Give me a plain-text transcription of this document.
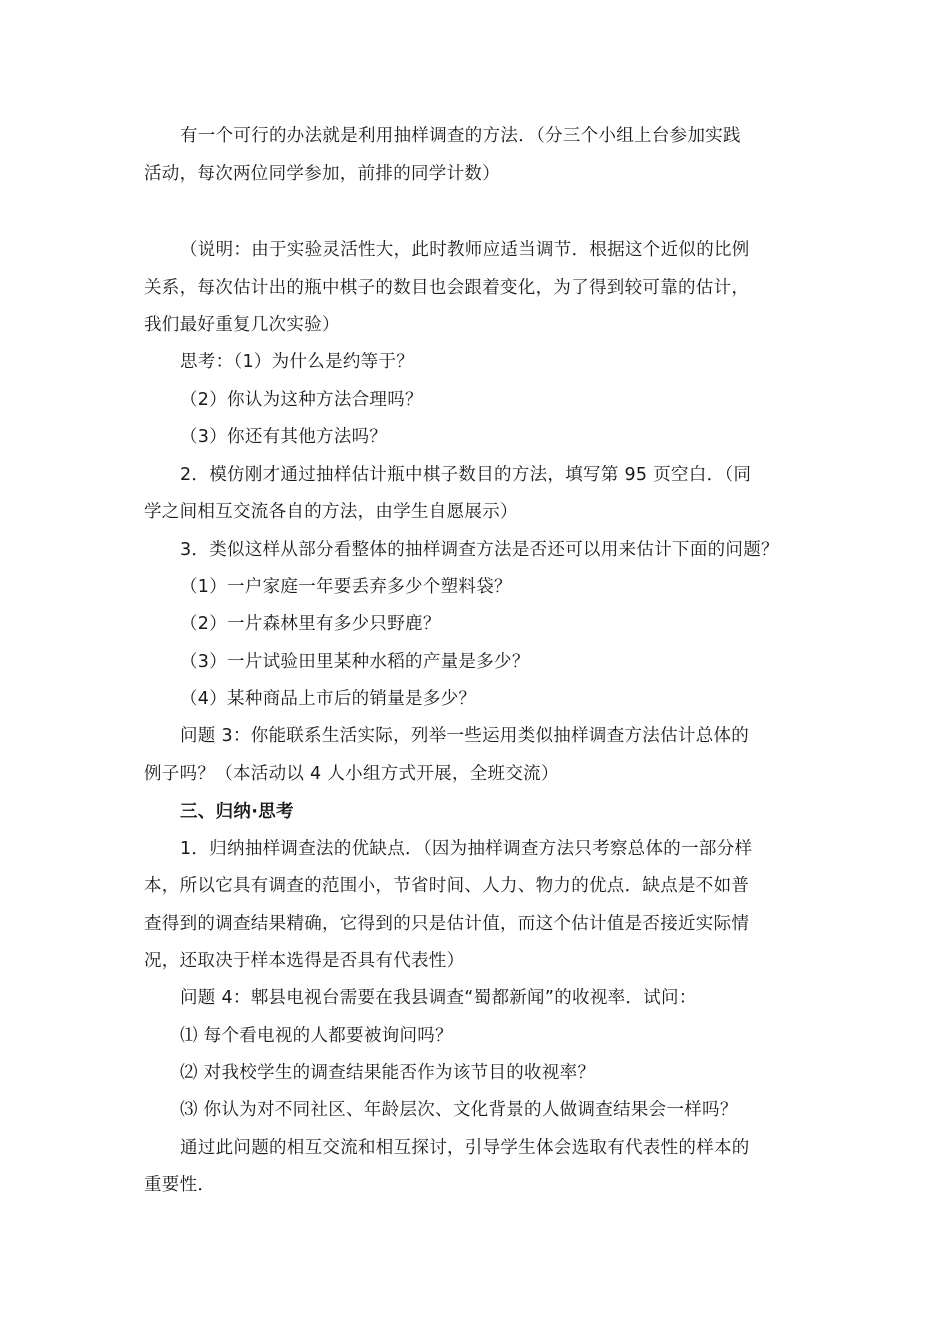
有一个可行的办法就是利用抽样调查的方法．（分三个小组上台参加实践
活动，每次两位同学参加，前排的同学计数）
（说明：由于实验灵活性大，此时教师应适当调节．根据这个近似的比例
关系，每次估计出的瓶中棋子的数目也会跟着变化，为了得到较可靠的估计，
我们最好重复几次实验）
思考：（1）为什么是约等于？
（2）你认为这种方法合理吗？
（3）你还有其他方法吗？
2．模仿刚才通过抽样估计瓶中棋子数目的方法，填写第 95 页空白．（同
学之间相互交流各自的方法，由学生自愿展示）
3．类似这样从部分看整体的抽样调查方法是否还可以用来估计下面的问题？
（1）一户家庭一年要丢弃多少个塑料袋？
（2）一片森林里有多少只野鹿？
（3）一片试验田里某种水稻的产量是多少？
（4）某种商品上市后的销量是多少？
问题 3：你能联系生活实际，列举一些运用类似抽样调查方法估计总体的
例子吗？（本活动以 4 人小组方式开展，全班交流）
三、归纳·思考
1．归纳抽样调查法的优缺点．（因为抽样调查方法只考察总体的一部分样
本，所以它具有调查的范围小，节省时间、人力、物力的优点．缺点是不如普
查得到的调查结果精确，它得到的只是估计值，而这个估计值是否接近实际情
况，还取决于样本选得是否具有代表性）
问题 4：郫县电视台需要在我县调查“蜀都新闻”的收视率．试问：
⑴ 每个看电视的人都要被询问吗？
⑵ 对我校学生的调查结果能否作为该节目的收视率？
⑶ 你认为对不同社区、年龄层次、文化背景的人做调查结果会一样吗？
通过此问题的相互交流和相互探讨，引导学生体会选取有代表性的样本的
重要性．
